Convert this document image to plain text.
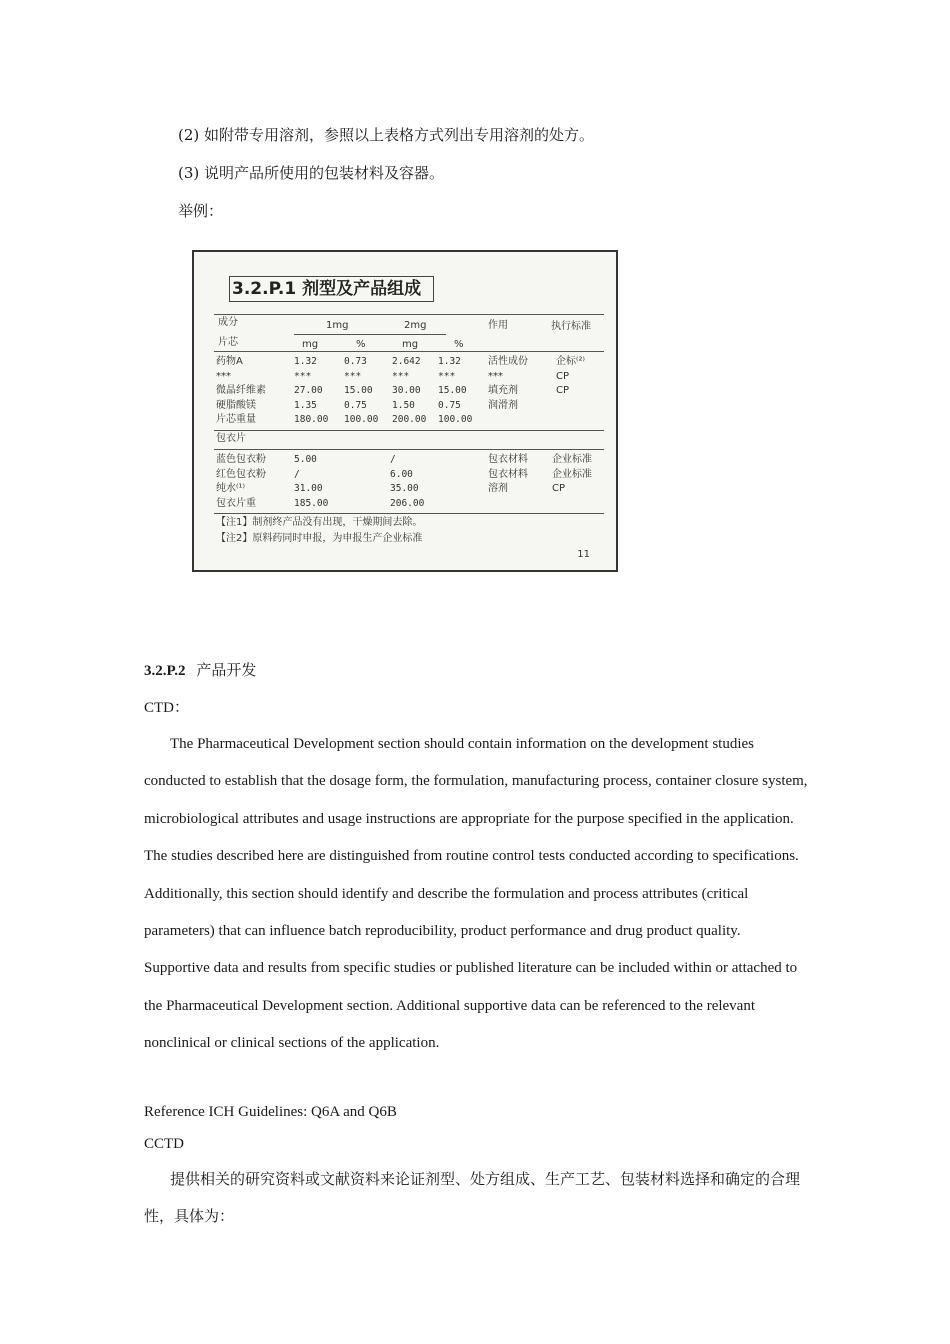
(2) 如附带专用溶剂，参照以上表格方式列出专用溶剂的处方。
(3) 说明产品所使用的包装材料及容器。
举例：
3.2.P.1 剂型及产品组成
成分	1mg	2mg	作用	执行标准
片芯	mg	%	mg	%
药物A	1.32	0.73	2.642 1.32	活性成份	企标⁽²⁾
***	***	***	***	***	***	CP
微晶纤维素	27.00 15.00 30.00 15.00 填充剂	CP
硬脂酸镁	1.35	0.75	1.50 0.75	润滑剂
片芯重量	180.00 100.00 200.00 100.00
包衣片
蓝色包衣粉	5.00	/	包衣材料 企业标准
红色包衣粉	/	6.00	包衣材料 企业标准
纯水⁽¹⁾	31.00	35.00	溶剂	CP
包衣片重	185.00	206.00
【注1】制剂终产品没有出现，干燥期间去除。
【注2】原料药同时申报，为申报生产企业标准
11
3.2.P.2 产品开发
CTD：
The Pharmaceutical Development section should contain information on the development studies conducted to establish that the dosage form, the formulation, manufacturing process, container closure system, microbiological attributes and usage instructions are appropriate for the purpose specified in the application. The studies described here are distinguished from routine control tests conducted according to specifications. Additionally, this section should identify and describe the formulation and process attributes (critical parameters) that can influence batch reproducibility, product performance and drug product quality. Supportive data and results from specific studies or published literature can be included within or attached to the Pharmaceutical Development section. Additional supportive data can be referenced to the relevant nonclinical or clinical sections of the application.
Reference ICH Guidelines: Q6A and Q6B
CCTD
提供相关的研究资料或文献资料来论证剂型、处方组成、生产工艺、包装材料选择和确定的合理性，具体为：
